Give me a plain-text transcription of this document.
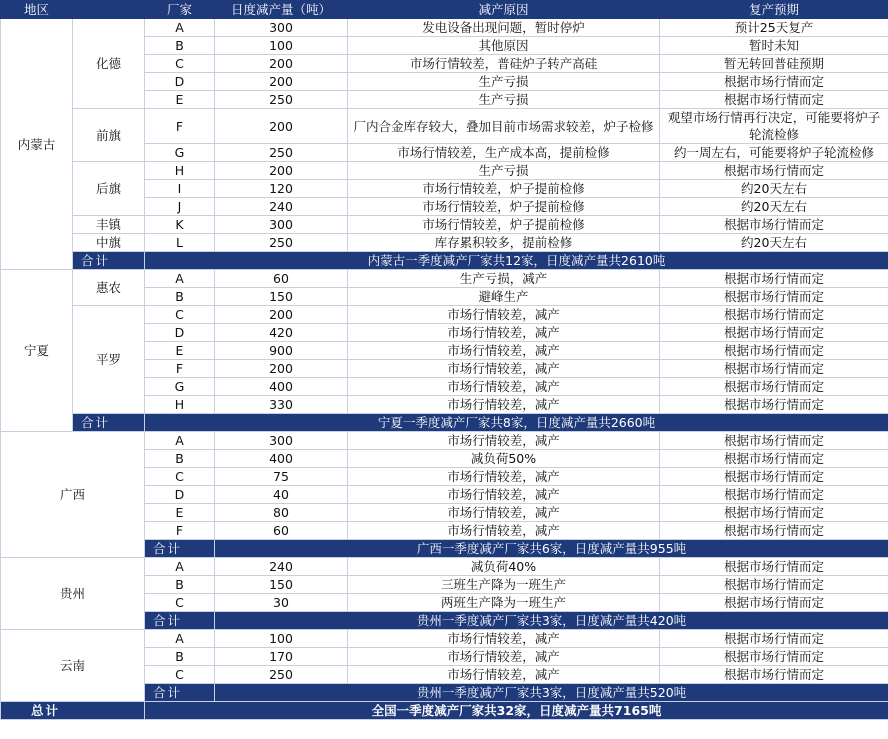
地区		厂家	日度减产量（吨）	减产原因	复产预期
内蒙古	化德	A	300	发电设备出现问题，暂时停炉	预计25天复产
		B	100	其他原因	暂时未知
		C	200	市场行情较差，普硅炉子转产高硅	暂无转回普硅预期
		D	200	生产亏损	根据市场行情而定
		E	250	生产亏损	根据市场行情而定
	前旗	F	200	厂内合金库存较大，叠加目前市场需求较差，炉子检修	观望市场行情再行决定，可能要将炉子轮流检修
		G	250	市场行情较差，生产成本高，提前检修	约一周左右，可能要将炉子轮流检修
	后旗	H	200	生产亏损	根据市场行情而定
		I	120	市场行情较差，炉子提前检修	约20天左右
		J	240	市场行情较差，炉子提前检修	约20天左右
	丰镇	K	300	市场行情较差，炉子提前检修	根据市场行情而定
	中旗	L	250	库存累积较多，提前检修	约20天左右
	合计	内蒙古一季度减产厂家共12家，日度减产量共2610吨			
宁夏	惠农	A	60	生产亏损，减产	根据市场行情而定
		B	150	避峰生产	根据市场行情而定
	平罗	C	200	市场行情较差，减产	根据市场行情而定
		D	420	市场行情较差，减产	根据市场行情而定
		E	900	市场行情较差，减产	根据市场行情而定
		F	200	市场行情较差，减产	根据市场行情而定
		G	400	市场行情较差，减产	根据市场行情而定
		H	330	市场行情较差，减产	根据市场行情而定
	合计	宁夏一季度减产厂家共8家，日度减产量共2660吨			
广西		A	300	市场行情较差，减产	根据市场行情而定
		B	400	减负荷50%	根据市场行情而定
		C	75	市场行情较差，减产	根据市场行情而定
		D	40	市场行情较差，减产	根据市场行情而定
		E	80	市场行情较差，减产	根据市场行情而定
		F	60	市场行情较差，减产	根据市场行情而定
		合计	广西一季度减产厂家共6家，日度减产量共955吨		
贵州		A	240	减负荷40%	根据市场行情而定
		B	150	三班生产降为一班生产	根据市场行情而定
		C	30	两班生产降为一班生产	根据市场行情而定
		合计	贵州一季度减产厂家共3家，日度减产量共420吨		
云南		A	100	市场行情较差，减产	根据市场行情而定
		B	170	市场行情较差，减产	根据市场行情而定
		C	250	市场行情较差，减产	根据市场行情而定
		合计	贵州一季度减产厂家共3家，日度减产量共520吨		
总计		全国一季度减产厂家共32家，日度减产量共7165吨			
